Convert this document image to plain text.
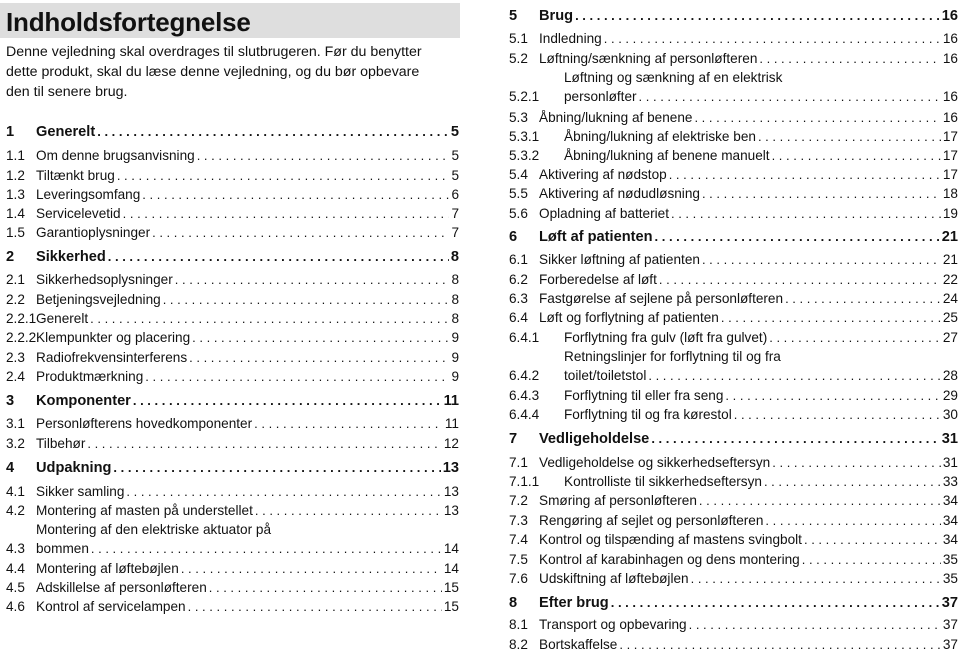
Indholdsfortegnelse

Denne vejledning skal overdrages til slutbrugeren. Før du benytter dette produkt, skal du læse denne vejledning, og du bør opbevare den til senere brug.

1	Generelt . . .	5
1.1 Om denne brugsanvisning . . .	5
1.2 Tiltænkt brug . . .	5
1.3 Leveringsomfang . . .	6
1.4 Servicelevetid . . .	7
1.5 Garantioplysninger . . .	7
2	Sikkerhed . . .	8
2.1 Sikkerhedsoplysninger . . .	8
2.2 Betjeningsvejledning . . .	8
2.2.1 Generelt . . .	8
2.2.2 Klempunkter og placering . . .	9
2.3 Radiofrekvensinterferens . . .	9
2.4 Produktmærkning . . .	9
3	Komponenter . . .	11
3.1 Personløfterens hovedkomponenter . . .	11
3.2 Tilbehør . . .	12
4	Udpakning . . .	13
4.1 Sikker samling . . .	13
4.2 Montering af masten på understellet . . .	13
Montering af den elektriske aktuator på
4.3 bommen . . .	14
4.4 Montering af løftebøjlen . . .	14
4.5 Adskillelse af personløfteren . . .	15
4.6 Kontrol af servicelampen . . .	15
5	Brug . . .	16
5.1 Indledning . . .	16
5.2 Løftning/sænkning af personløfteren . . .	16
Løftning og sænkning af en elektrisk
5.2.1	personløfter . . .	16
5.3 Åbning/lukning af benene . . .	16
5.3.1	Åbning/lukning af elektriske ben . . .	17
5.3.2	Åbning/lukning af benene manuelt . . .	17
5.4 Aktivering af nødstop . . .	17
5.5 Aktivering af nødudløsning . . .	18
5.6 Opladning af batteriet . . .	19
6	Løft af patienten . . .	21
6.1 Sikker løftning af patienten . . .	21
6.2 Forberedelse af løft . . .	22
6.3 Fastgørelse af sejlene på personløfteren . . .	24
6.4 Løft og forflytning af patienten . . .	25
6.4.1	Forflytning fra gulv (løft fra gulvet) . . .	27
Retningslinjer for forflytning til og fra
6.4.2	toilet/toiletstol . . .	28
6.4.3	Forflytning til eller fra seng . . .	29
6.4.4	Forflytning til og fra kørestol . . .	30
7	Vedligeholdelse . . .	31
7.1 Vedligeholdelse og sikkerhedseftersyn . . .	31
7.1.1	Kontrolliste til sikkerhedseftersyn . . .	33
7.2 Smøring af personløfteren . . .	34
7.3 Rengøring af sejlet og personløfteren . . .	34
7.4 Kontrol og tilspænding af mastens svingbolt . . .	34
7.5 Kontrol af karabinhagen og dens montering . . .	35
7.6 Udskiftning af løftebøjlen . . .	35
8	Efter brug . . .	37
8.1 Transport og opbevaring . . .	37
8.2 Bortskaffelse . . .	37
